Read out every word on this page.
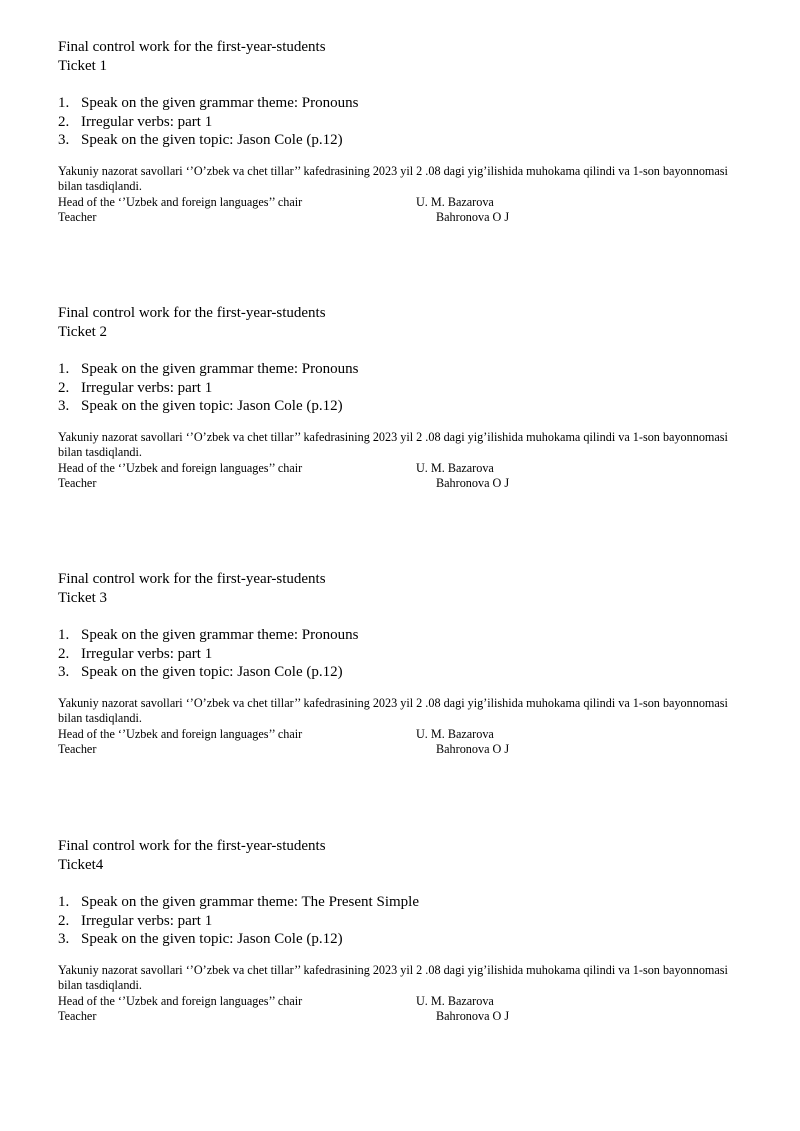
Final control work for the first-year-students
Ticket 1
1. Speak on the given grammar theme: Pronouns
2. Irregular verbs: part 1
3. Speak on the given topic: Jason Cole (p.12)
Yakuniy nazorat savollari ‘’O’zbek va chet tillar’’ kafedrasining 2023 yil 2 .08 dagi yig’ilishida muhokama qilindi va 1-son bayonnomasi bilan tasdiqlandi.
Head of the ‘’Uzbek and foreign languages’’ chair	U. M. Bazarova
Teacher	Bahronova O J
Final control work for the first-year-students
Ticket 2
1. Speak on the given grammar theme: Pronouns
2. Irregular verbs: part 1
3. Speak on the given topic: Jason Cole (p.12)
Yakuniy nazorat savollari ‘’O’zbek va chet tillar’’ kafedrasining 2023 yil 2 .08 dagi yig’ilishida muhokama qilindi va 1-son bayonnomasi bilan tasdiqlandi.
Head of the ‘’Uzbek and foreign languages’’ chair	U. M. Bazarova
Teacher	Bahronova O J
Final control work for the first-year-students
Ticket 3
1. Speak on the given grammar theme: Pronouns
2. Irregular verbs: part 1
3. Speak on the given topic: Jason Cole (p.12)
Yakuniy nazorat savollari ‘’O’zbek va chet tillar’’ kafedrasining 2023 yil 2 .08 dagi yig’ilishida muhokama qilindi va 1-son bayonnomasi bilan tasdiqlandi.
Head of the ‘’Uzbek and foreign languages’’ chair	U. M. Bazarova
Teacher	Bahronova O J
Final control work for the first-year-students
Ticket4
1. Speak on the given grammar theme: The Present Simple
2. Irregular verbs: part 1
3. Speak on the given topic: Jason Cole (p.12)
Yakuniy nazorat savollari ‘’O’zbek va chet tillar’’ kafedrasining 2023 yil 2 .08 dagi yig’ilishida muhokama qilindi va 1-son bayonnomasi bilan tasdiqlandi.
Head of the ‘’Uzbek and foreign languages’’ chair	U. M. Bazarova
Teacher	Bahronova O J
